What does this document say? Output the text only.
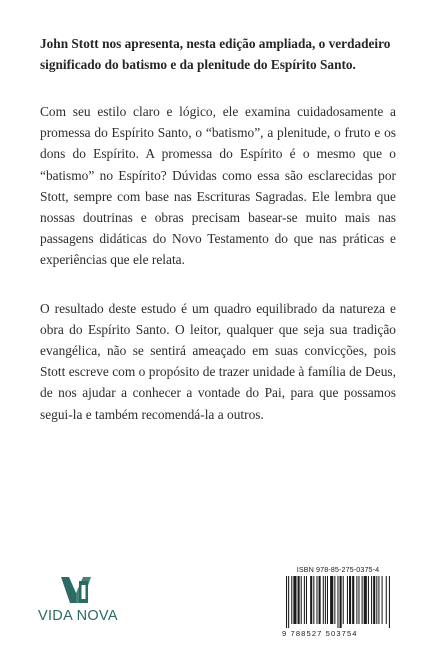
John Stott nos apresenta, nesta edição ampliada, o verdadeiro significado do batismo e da plenitude do Espírito Santo.

Com seu estilo claro e lógico, ele examina cuidadosamente a promessa do Espírito Santo, o “batismo”, a plenitude, o fruto e os dons do Espírito. A promessa do Espírito é o mesmo que o “batismo” no Espírito? Dúvidas como essa são esclarecidas por Stott, sempre com base nas Escrituras Sagradas. Ele lembra que nossas doutrinas e obras precisam basear-se muito mais nas passagens didáticas do Novo Testamento do que nas práticas e experiências que ele relata.

O resultado deste estudo é um quadro equilibrado da natureza e obra do Espírito Santo. O leitor, qualquer que seja sua tradição evangélica, não se sentirá ameaçado em suas convicções, pois Stott escreve com o propósito de trazer unidade à família de Deus, de nos ajudar a conhecer a vontade do Pai, para que possamos segui-la e também recomendá-la a outros.

VIDA NOVA
ISBN 978-85-275-0375-4
9 788527 503754
